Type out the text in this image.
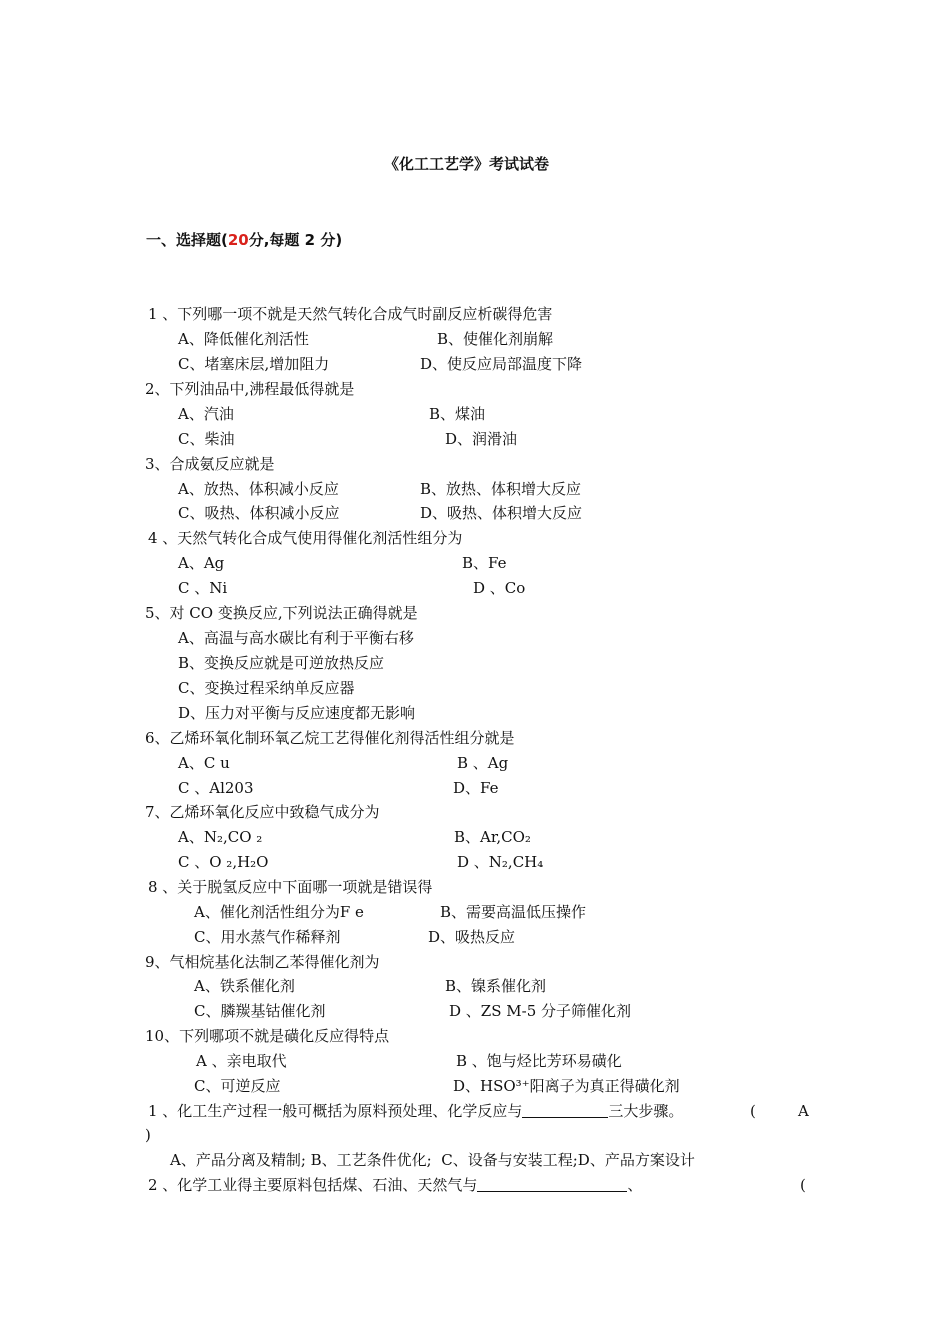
《化工工艺学》考试试卷
一、选择题(20分,每题 2 分)
1 、下列哪一项不就是天然气转化合成气时副反应析碳得危害
A、降低催化剂活性	B、使催化剂崩解
C、堵塞床层,增加阻力	D、使反应局部温度下降
2、下列油品中,沸程最低得就是
A、汽油	B、煤油
C、柴油	D、润滑油
3、合成氨反应就是
A、放热、体积减小反应	B、放热、体积增大反应
C、吸热、体积减小反应	D、吸热、体积增大反应
4 、天然气转化合成气使用得催化剂活性组分为
A、Ag	B、Fe
C 、Ni	D 、Co
5、对 CO 变换反应,下列说法正确得就是
A、高温与高水碳比有利于平衡右移
B、变换反应就是可逆放热反应
C、变换过程采纳单反应器
D、压力对平衡与反应速度都无影响
6、乙烯环氧化制环氧乙烷工艺得催化剂得活性组分就是
A、C u	B 、Ag
C 、Al203	D、Fe
7、乙烯环氧化反应中致稳气成分为
A、N₂,CO ₂	B、Ar,CO₂
C 、O ₂,H₂O	D 、N₂,CH₄
8 、关于脱氢反应中下面哪一项就是错误得
A、催化剂活性组分为F e	B、需要高温低压操作
C、用水蒸气作稀释剂	D、吸热反应
9、气相烷基化法制乙苯得催化剂为
A、铁系催化剂	B、镍系催化剂
C、膦羰基钴催化剂	D 、ZS M-5 分子筛催化剂
10、下列哪项不就是磺化反应得特点
A 、亲电取代	B 、饱与烃比芳环易磺化
C、可逆反应	D、HSO³⁺阳离子为真正得磺化剂
1 、化工生产过程一般可概括为原料预处理、化学反应与	三大步骤。	(	A
)
A、产品分离及精制; B、工艺条件优化;  C、设备与安装工程;D、产品方案设计
2 、化学工业得主要原料包括煤、石油、天然气与	、	(
